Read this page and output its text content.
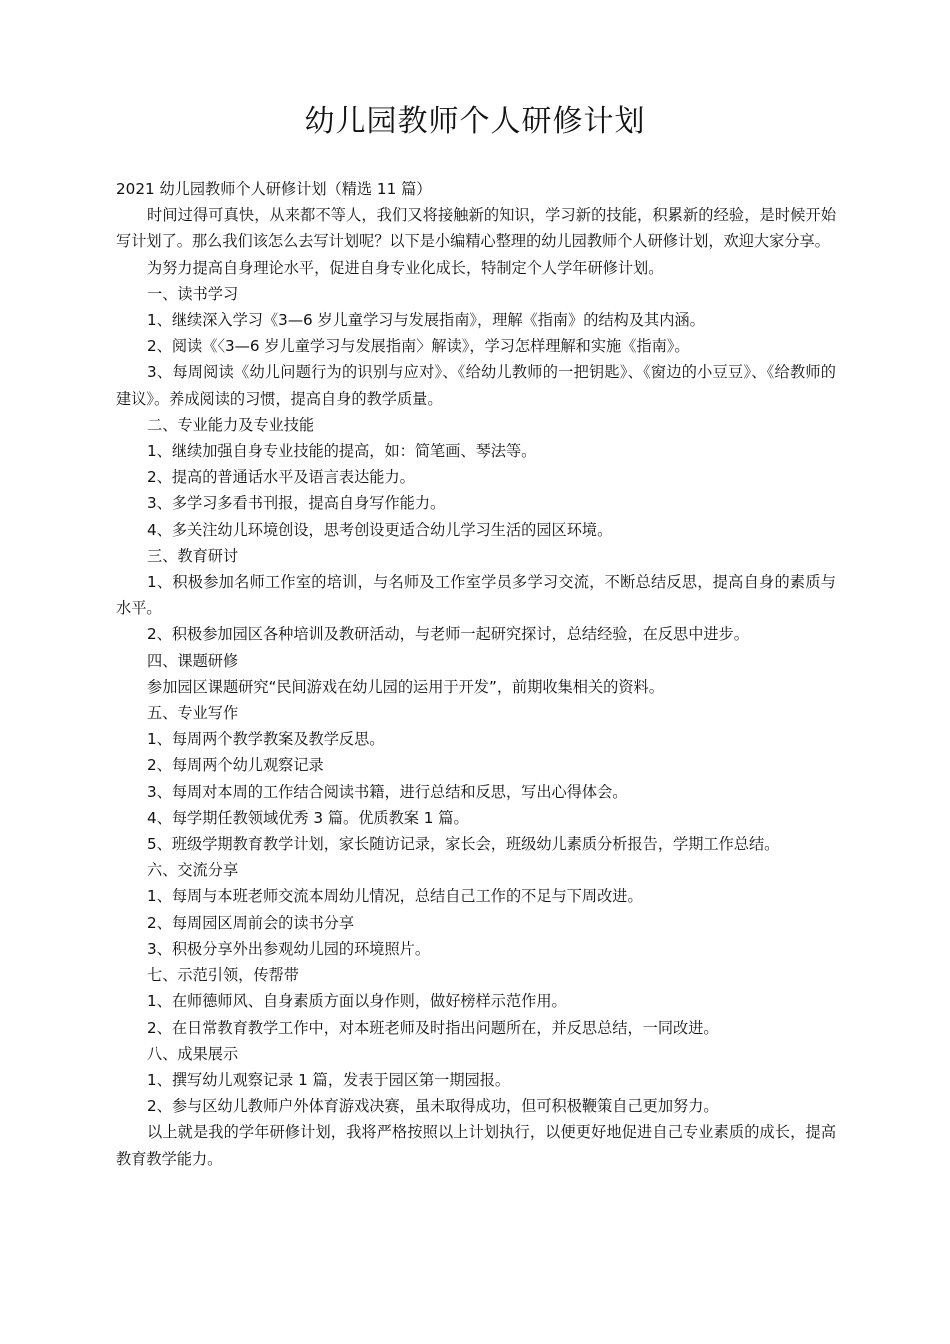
幼儿园教师个人研修计划

2021 幼儿园教师个人研修计划（精选 11 篇）

时间过得可真快，从来都不等人，我们又将接触新的知识，学习新的技能，积累新的经验，是时候开始写计划了。那么我们该怎么去写计划呢？以下是小编精心整理的幼儿园教师个人研修计划，欢迎大家分享。

为努力提高自身理论水平，促进自身专业化成长，特制定个人学年研修计划。

一、读书学习

1、继续深入学习《3—6 岁儿童学习与发展指南》，理解《指南》的结构及其内涵。

2、阅读《〈3—6 岁儿童学习与发展指南〉解读》，学习怎样理解和实施《指南》。

3、每周阅读《幼儿问题行为的识别与应对》、《给幼儿教师的一把钥匙》、《窗边的小豆豆》、《给教师的建议》。养成阅读的习惯，提高自身的教学质量。

二、专业能力及专业技能

1、继续加强自身专业技能的提高，如：简笔画、琴法等。

2、提高的普通话水平及语言表达能力。

3、多学习多看书刊报，提高自身写作能力。

4、多关注幼儿环境创设，思考创设更适合幼儿学习生活的园区环境。

三、教育研讨

1、积极参加名师工作室的培训，与名师及工作室学员多学习交流，不断总结反思，提高自身的素质与水平。

2、积极参加园区各种培训及教研活动，与老师一起研究探讨，总结经验，在反思中进步。

四、课题研修

参加园区课题研究“民间游戏在幼儿园的运用于开发”，前期收集相关的资料。

五、专业写作

1、每周两个教学教案及教学反思。

2、每周两个幼儿观察记录

3、每周对本周的工作结合阅读书籍，进行总结和反思，写出心得体会。

4、每学期任教领域优秀 3 篇。优质教案 1 篇。

5、班级学期教育教学计划，家长随访记录，家长会，班级幼儿素质分析报告，学期工作总结。

六、交流分享

1、每周与本班老师交流本周幼儿情况，总结自己工作的不足与下周改进。

2、每周园区周前会的读书分享

3、积极分享外出参观幼儿园的环境照片。

七、示范引领，传帮带

1、在师德师风、自身素质方面以身作则，做好榜样示范作用。

2、在日常教育教学工作中，对本班老师及时指出问题所在，并反思总结，一同改进。

八、成果展示

1、撰写幼儿观察记录 1 篇，发表于园区第一期园报。

2、参与区幼儿教师户外体育游戏决赛，虽未取得成功，但可积极鞭策自己更加努力。

以上就是我的学年研修计划，我将严格按照以上计划执行，以便更好地促进自己专业素质的成长，提高教育教学能力。
